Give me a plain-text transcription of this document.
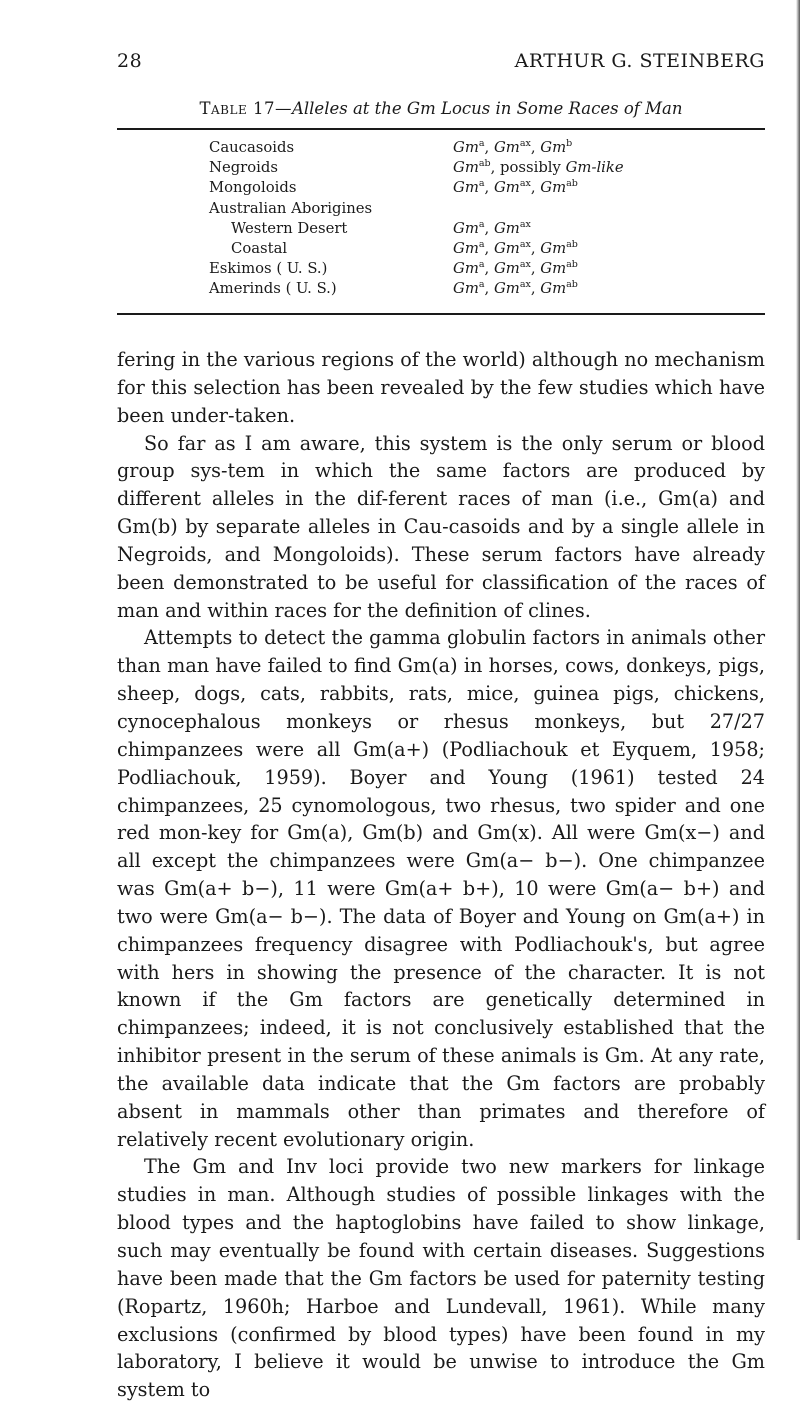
28	ARTHUR G. STEINBERG
Table 17—Alleles at the Gm Locus in Some Races of Man
Caucasoids	Gm$^a$, $Gm^{ax}$, Gm$^b$
Negroids	$Gm^{ab}$, possibly Gm-like
Mongoloids	Gm$^a$, $Gm^{ax}$, $Gm^{ab}$
Australian Aborigines
Western Desert	Gm$^a$, $Gm^{ax}$
Coastal	Gm$^a$, $Gm^{ax}$, $Gm^{ab}$
Eskimos ( U. S.)	Gm$^a$, $Gm^{ax}$, $Gm^{ab}$
Amerinds ( U. S.)	Gm$^a$, $Gm^{ax}$, $Gm^{ab}$

fering in the various regions of the world) although no mechanism for this selection has been revealed by the few studies which have been under-taken.

So far as I am aware, this system is the only serum or blood group sys-tem in which the same factors are produced by different alleles in the dif-ferent races of man (i.e., Gm(a) and Gm(b) by separate alleles in Cau-casoids and by a single allele in Negroids, and Mongoloids). These serum factors have already been demonstrated to be useful for classification of the races of man and within races for the definition of clines.

Attempts to detect the gamma globulin factors in animals other than man have failed to find Gm(a) in horses, cows, donkeys, pigs, sheep, dogs, cats, rabbits, rats, mice, guinea pigs, chickens, cynocephalous monkeys or rhesus monkeys, but 27/27 chimpanzees were all Gm(a+) (Podliachouk et Eyquem, 1958; Podliachouk, 1959). Boyer and Young (1961) tested 24 chimpanzees, 25 cynomologous, two rhesus, two spider and one red mon-key for Gm(a), Gm(b) and Gm(x). All were Gm(x−) and all except the chimpanzees were Gm(a− b−). One chimpanzee was Gm(a+ b−), 11 were Gm(a+ b+), 10 were Gm(a− b+) and two were Gm(a− b−). The data of Boyer and Young on Gm(a+) in chimpanzees frequency disagree with Podliachouk's, but agree with hers in showing the presence of the character. It is not known if the Gm factors are genetically determined in chimpanzees; indeed, it is not conclusively established that the inhibitor present in the serum of these animals is Gm. At any rate, the available data indicate that the Gm factors are probably absent in mammals other than primates and therefore of relatively recent evolutionary origin.

The Gm and Inv loci provide two new markers for linkage studies in man. Although studies of possible linkages with the blood types and the haptoglobins have failed to show linkage, such may eventually be found with certain diseases. Suggestions have been made that the Gm factors be used for paternity testing (Ropartz, 1960h; Harboe and Lundevall, 1961). While many exclusions (confirmed by blood types) have been found in my laboratory, I believe it would be unwise to introduce the Gm system to
